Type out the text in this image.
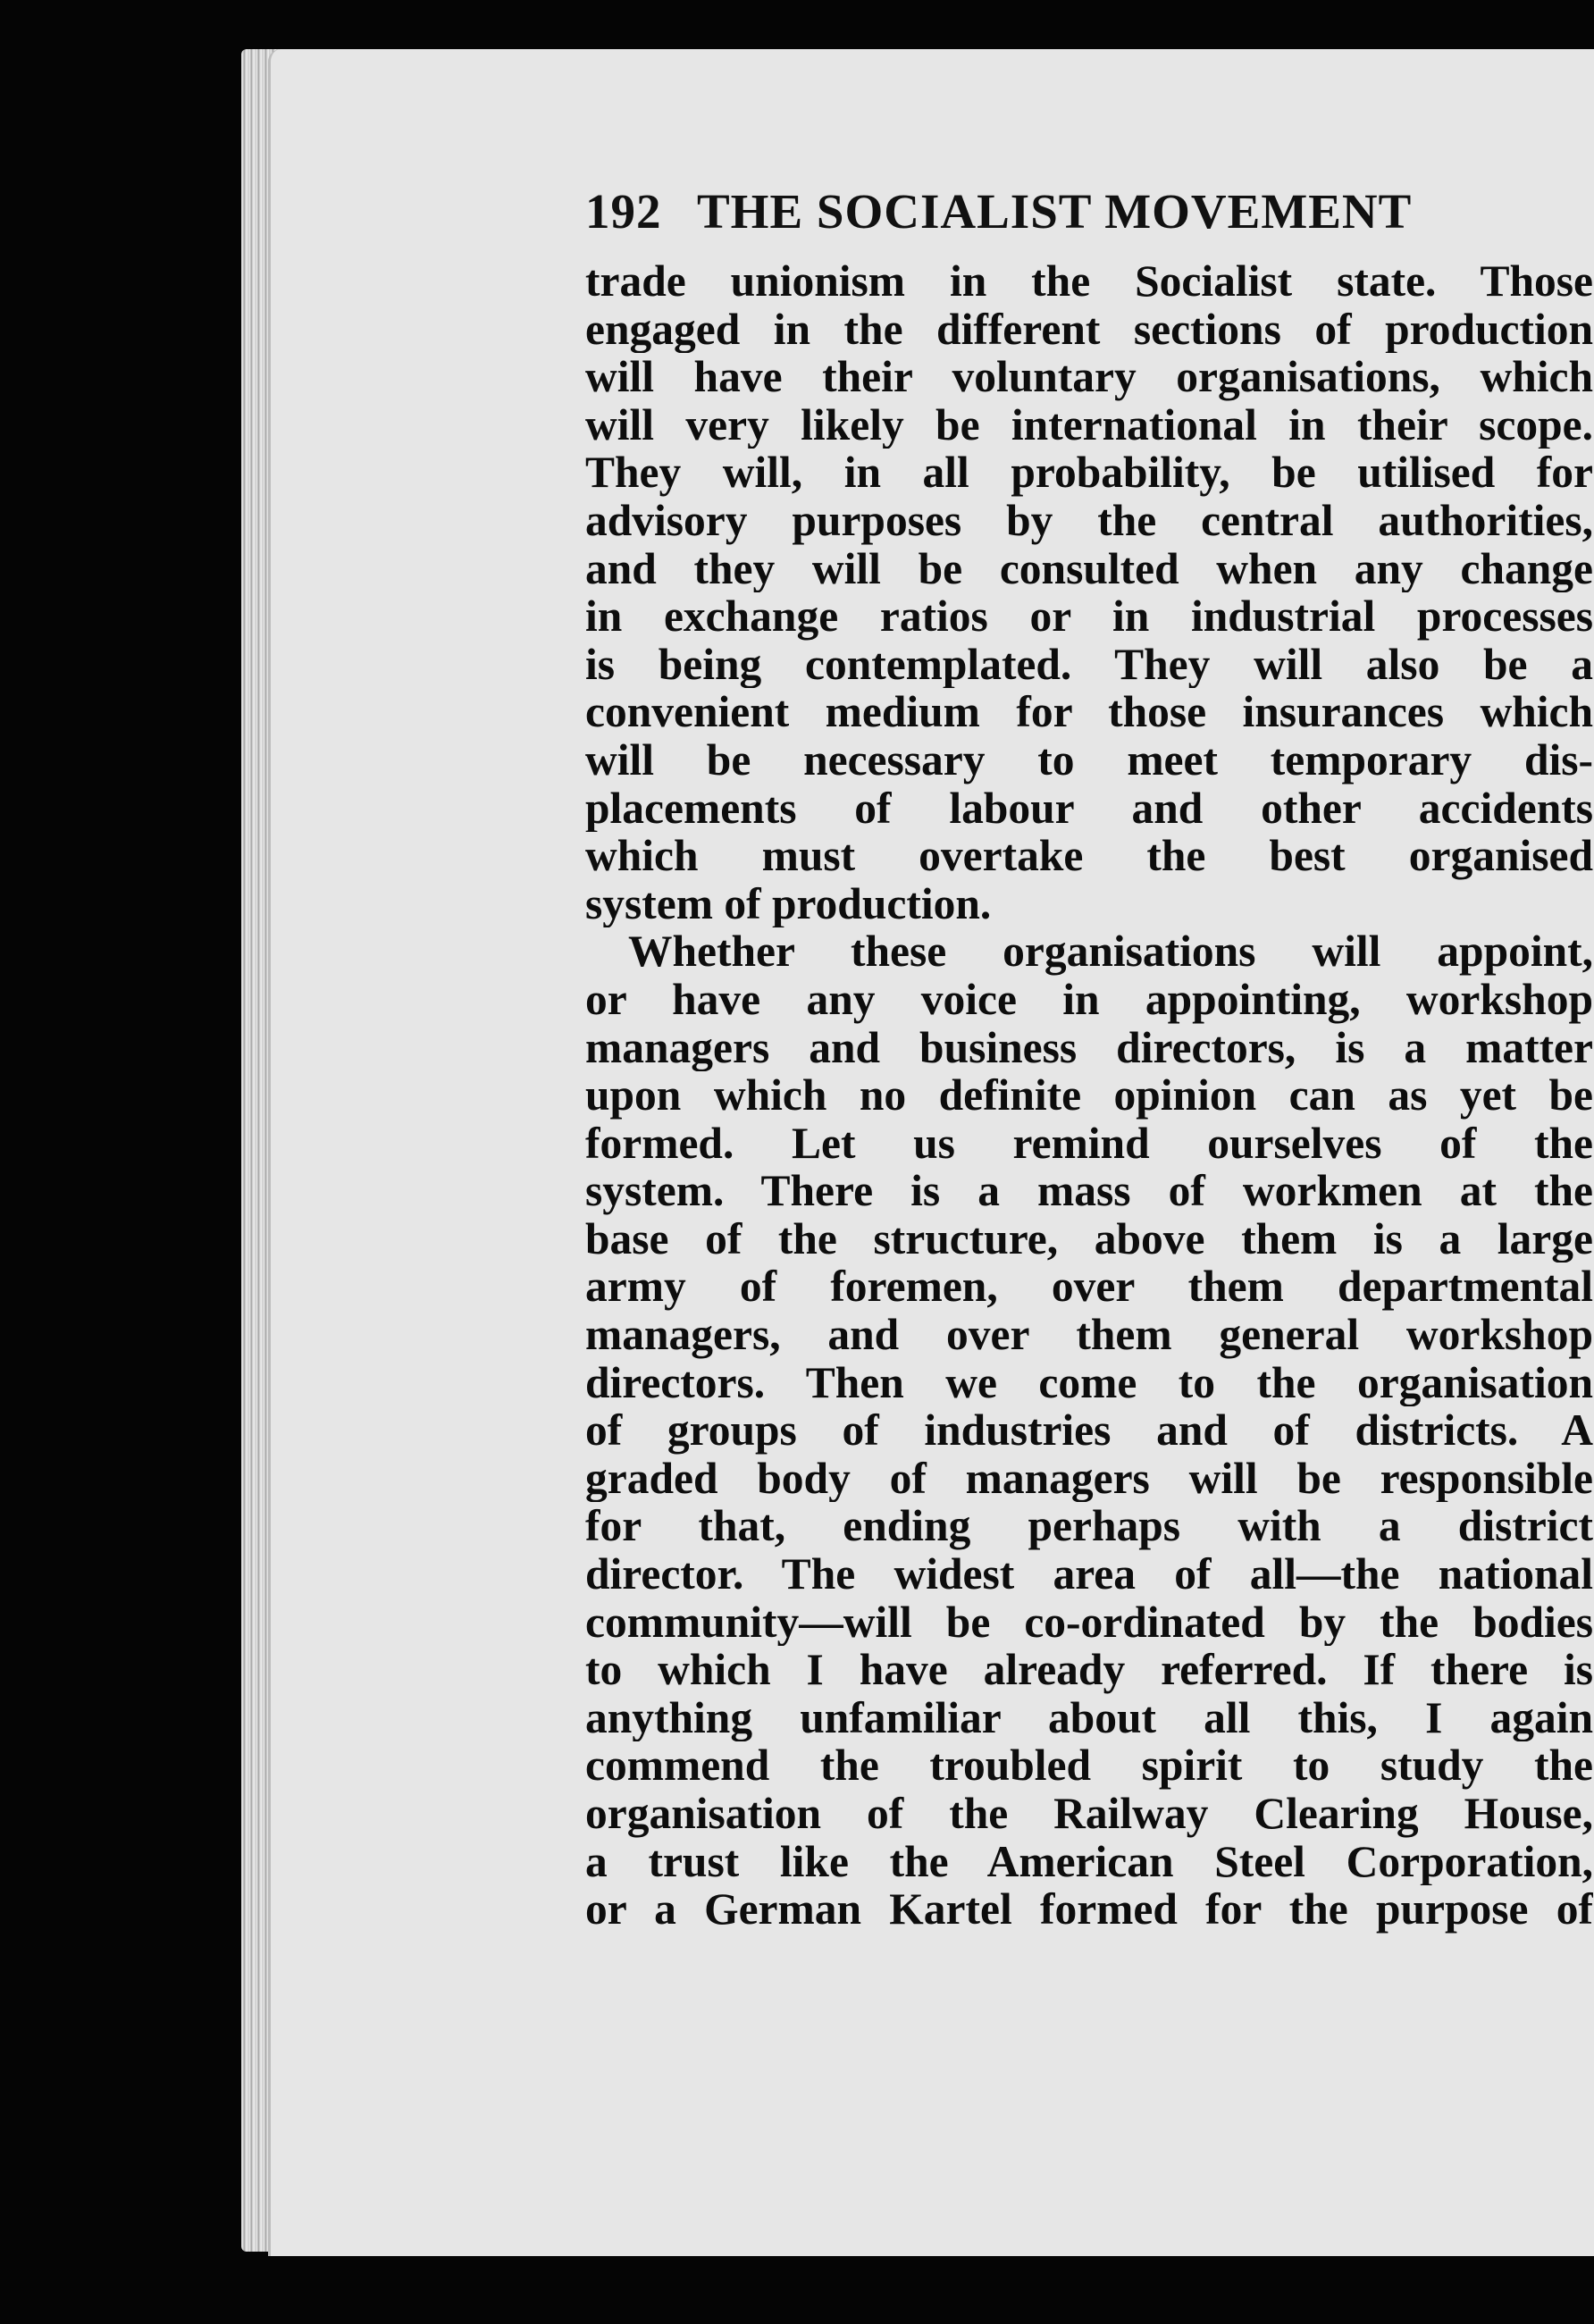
192 THE SOCIALIST MOVEMENT
trade unionism in the Socialist state. Those
engaged in the different sections of production
will have their voluntary organisations, which
will very likely be international in their scope.
They will, in all probability, be utilised for
advisory purposes by the central authorities,
and they will be consulted when any change
in exchange ratios or in industrial processes
is being contemplated. They will also be a
convenient medium for those insurances which
will be necessary to meet temporary dis-
placements of labour and other accidents
which must overtake the best organised
system of production.
Whether these organisations will appoint,
or have any voice in appointing, workshop
managers and business directors, is a matter
upon which no definite opinion can as yet be
formed. Let us remind ourselves of the
system. There is a mass of workmen at the
base of the structure, above them is a large
army of foremen, over them departmental
managers, and over them general workshop
directors. Then we come to the organisation
of groups of industries and of districts. A
graded body of managers will be responsible
for that, ending perhaps with a district
director. The widest area of all—the national
community—will be co-ordinated by the bodies
to which I have already referred. If there is
anything unfamiliar about all this, I again
commend the troubled spirit to study the
organisation of the Railway Clearing House,
a trust like the American Steel Corporation,
or a German Kartel formed for the purpose of
